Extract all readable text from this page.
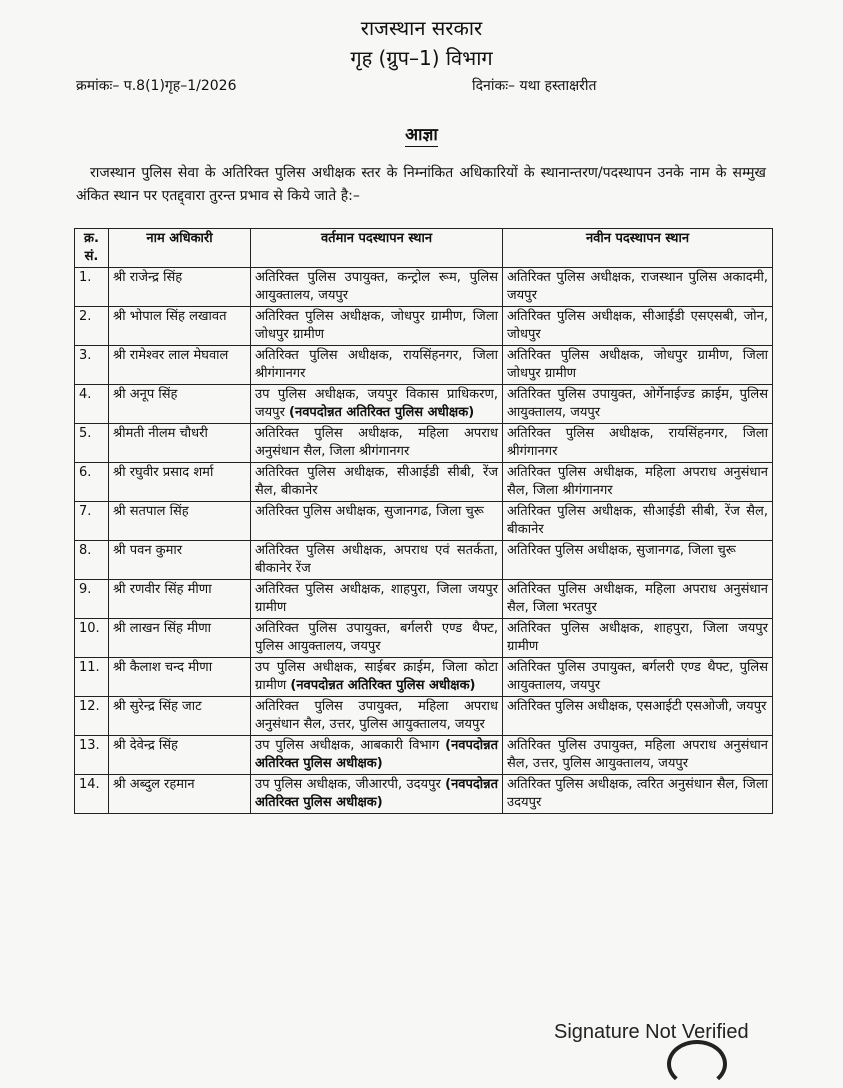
राजस्थान सरकार
गृह (ग्रुप–1) विभाग
क्रमांकः– प.8(1)गृह–1/2026	दिनांकः– यथा हस्ताक्षरीत
आज्ञा
राजस्थान पुलिस सेवा के अतिरिक्त पुलिस अधीक्षक स्तर के निम्नांकित अधिकारियों के स्थानान्तरण/पदस्थापन उनके नाम के सम्मुख अंकित स्थान पर एतद्द्वारा तुरन्त प्रभाव से किये जाते है:–
क्र. सं.	नाम अधिकारी	वर्तमान पदस्थापन स्थान	नवीन पदस्थापन स्थान
1.	श्री राजेन्द्र सिंह	अतिरिक्त पुलिस उपायुक्त, कन्ट्रोल रूम, पुलिस आयुक्तालय, जयपुर	अतिरिक्त पुलिस अधीक्षक, राजस्थान पुलिस अकादमी, जयपुर
2.	श्री भोपाल सिंह लखावत	अतिरिक्त पुलिस अधीक्षक, जोधपुर ग्रामीण, जिला जोधपुर ग्रामीण	अतिरिक्त पुलिस अधीक्षक, सीआईडी एसएसबी, जोन, जोधपुर
3.	श्री रामेश्वर लाल मेघवाल	अतिरिक्त पुलिस अधीक्षक, रायसिंहनगर, जिला श्रीगंगानगर	अतिरिक्त पुलिस अधीक्षक, जोधपुर ग्रामीण, जिला जोधपुर ग्रामीण
4.	श्री अनूप सिंह	उप पुलिस अधीक्षक, जयपुर विकास प्राधिकरण, जयपुर (नवपदोन्नत अतिरिक्त पुलिस अधीक्षक)	अतिरिक्त पुलिस उपायुक्त, ओर्गेनाईज्ड क्राईम, पुलिस आयुक्तालय, जयपुर
5.	श्रीमती नीलम चौधरी	अतिरिक्त पुलिस अधीक्षक, महिला अपराध अनुसंधान सैल, जिला श्रीगंगानगर	अतिरिक्त पुलिस अधीक्षक, रायसिंहनगर, जिला श्रीगंगानगर
6.	श्री रघुवीर प्रसाद शर्मा	अतिरिक्त पुलिस अधीक्षक, सीआईडी सीबी, रेंज सैल, बीकानेर	अतिरिक्त पुलिस अधीक्षक, महिला अपराध अनुसंधान सैल, जिला श्रीगंगानगर
7.	श्री सतपाल सिंह	अतिरिक्त पुलिस अधीक्षक, सुजानगढ, जिला चुरू	अतिरिक्त पुलिस अधीक्षक, सीआईडी सीबी, रेंज सैल, बीकानेर
8.	श्री पवन कुमार	अतिरिक्त पुलिस अधीक्षक, अपराध एवं सतर्कता, बीकानेर रेंज	अतिरिक्त पुलिस अधीक्षक, सुजानगढ, जिला चुरू
9.	श्री रणवीर सिंह मीणा	अतिरिक्त पुलिस अधीक्षक, शाहपुरा, जिला जयपुर ग्रामीण	अतिरिक्त पुलिस अधीक्षक, महिला अपराध अनुसंधान सैल, जिला भरतपुर
10.	श्री लाखन सिंह मीणा	अतिरिक्त पुलिस उपायुक्त, बर्गलरी एण्ड थैफ्ट, पुलिस आयुक्तालय, जयपुर	अतिरिक्त पुलिस अधीक्षक, शाहपुरा, जिला जयपुर ग्रामीण
11.	श्री कैलाश चन्द मीणा	उप पुलिस अधीक्षक, साईबर क्राईम, जिला कोटा ग्रामीण (नवपदोन्नत अतिरिक्त पुलिस अधीक्षक)	अतिरिक्त पुलिस उपायुक्त, बर्गलरी एण्ड थैफ्ट, पुलिस आयुक्तालय, जयपुर
12.	श्री सुरेन्द्र सिंह जाट	अतिरिक्त पुलिस उपायुक्त, महिला अपराध अनुसंधान सैल, उत्तर, पुलिस आयुक्तालय, जयपुर	अतिरिक्त पुलिस अधीक्षक, एसआईटी एसओजी, जयपुर
13.	श्री देवेन्द्र सिंह	उप पुलिस अधीक्षक, आबकारी विभाग (नवपदोन्नत अतिरिक्त पुलिस अधीक्षक)	अतिरिक्त पुलिस उपायुक्त, महिला अपराध अनुसंधान सैल, उत्तर, पुलिस आयुक्तालय, जयपुर
14.	श्री अब्दुल रहमान	उप पुलिस अधीक्षक, जीआरपी, उदयपुर (नवपदोन्नत अतिरिक्त पुलिस अधीक्षक)	अतिरिक्त पुलिस अधीक्षक, त्वरित अनुसंधान सैल, जिला उदयपुर
Signature Not Verified
